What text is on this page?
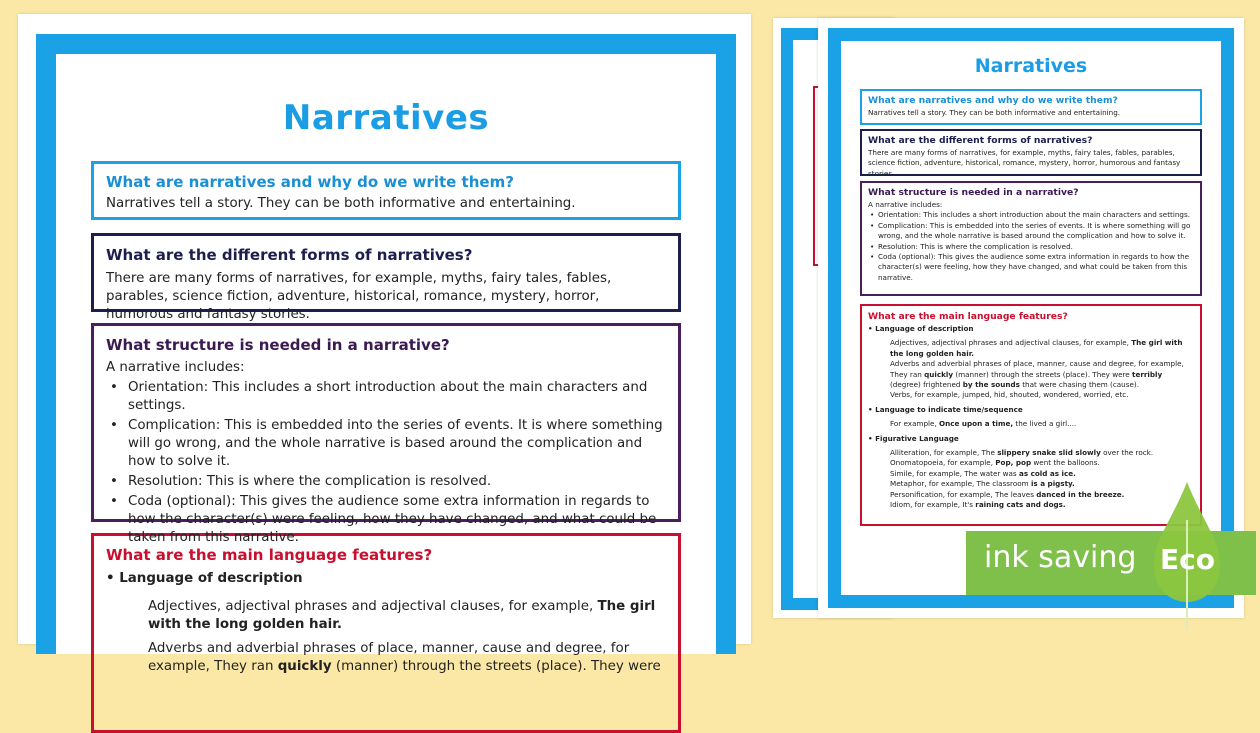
Narratives
What are narratives and why do we write them?

Narratives tell a story. They can be both informative and entertaining.

What are the different forms of narratives?

There are many forms of narratives, for example, myths, fairy tales, fables, parables, science fiction, adventure, historical, romance, mystery, horror, humorous and fantasy stories.

What structure is needed in a narrative?

A narrative includes:

• Orientation: This includes a short introduction about the main characters and settings.
• Complication: This is embedded into the series of events. It is where something will go wrong, and the whole narrative is based around the complication and how to solve it.
• Resolution: This is where the complication is resolved.
• Coda (optional): This gives the audience some extra information in regards to how the character(s) were feeling, how they have changed, and what could be taken from this narrative.
What are the main language features?

• Language of description

Adjectives, adjectival phrases and adjectival clauses, for example, The girl with the long golden hair.

Adverbs and adverbial phrases of place, manner, cause and degree, for example, They ran quickly (manner) through the streets (place). They were

Narratives
What are narratives and why do we write them?

Narratives tell a story. They can be both informative and entertaining.

What are the different forms of narratives?

There are many forms of narratives, for example, myths, fairy tales, fables, parables, science fiction, adventure, historical, romance, mystery, horror, humorous and fantasy stories.

What structure is needed in a narrative?

A narrative includes:

• Orientation: This includes a short introduction about the main characters and settings.
• Complication: This is embedded into the series of events. It is where something will go wrong, and the whole narrative is based around the complication and how to solve it.
• Resolution: This is where the complication is resolved.
• Coda (optional): This gives the audience some extra information in regards to how the character(s) were feeling, how they have changed, and what could be taken from this narrative.
What are the main language features?

• Language of description

Adjectives, adjectival phrases and adjectival clauses, for example, The girl with the long golden hair.

Adverbs and adverbial phrases of place, manner, cause and degree, for example, They ran quickly (manner) through the streets (place). They were terribly (degree) frightened by the sounds that were chasing them (cause).

Verbs, for example, jumped, hid, shouted, wondered, worried, etc.

• Language to indicate time/sequence

For example, Once upon a time, the lived a girl....

• Figurative Language

Alliteration, for example, The slippery snake slid slowly over the rock.

Onomatopoeia, for example, Pop, pop went the balloons.

Simile, for example, The water was as cold as ice.

Metaphor, for example, The classroom is a pigsty.

Personification, for example, The leaves danced in the breeze.

Idiom, for example, It's raining cats and dogs.

ink saving Eco
